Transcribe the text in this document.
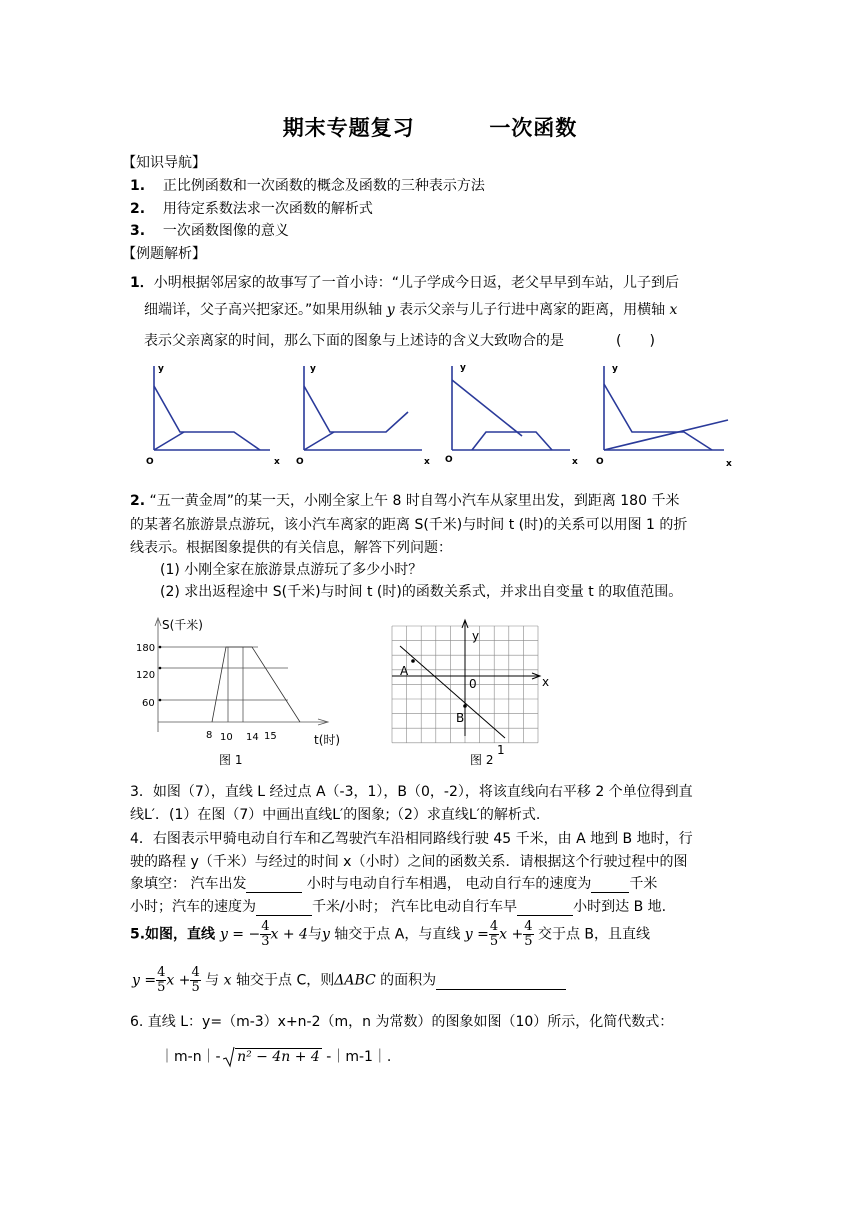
期末专题复习	一次函数
【知识导航】
1. 正比例函数和一次函数的概念及函数的三种表示方法
2. 用待定系数法求一次函数的解析式
3. 一次函数图像的意义
【例题解析】
1．小明根据邻居家的故事写了一首小诗：“儿子学成今日返，老父早早到车站，儿子到后
细端详，父子高兴把家还。”如果用纵轴 y 表示父亲与儿子行进中离家的距离，用横轴 x
表示父亲离家的时间，那么下面的图象与上述诗的含义大致吻合的是	(　　)
y
O	x
y
O	x
y
O	x
y
O	x
2. “五一黄金周”的某一天，小刚全家上午 8 时自驾小汽车从家里出发，到距离 180 千米
的某著名旅游景点游玩，该小汽车离家的距离 S(千米)与时间 t (时)的关系可以用图 1 的折
线表示。根据图象提供的有关信息，解答下列问题：
(1) 小刚全家在旅游景点游玩了多少小时？
(2) 求出返程途中 S(千米)与时间 t (时)的函数关系式，并求出自变量 t 的取值范围。
S(千米)
180
120
60
8 10 14 15	t(时)
图 1
y
x
0
A
B
图 2
1
3．如图（7），直线 L 经过点 A（-3，1），B（0，-2），将该直线向右平移 2 个单位得到直
线L′．(1）在图（7）中画出直线L′的图象;（2）求直线L′的解析式.
4．右图表示甲骑电动自行车和乙驾驶汽车沿相同路线行驶 45 千米，由 A 地到 B 地时，行
驶的路程 y（千米）与经过的时间 x（小时）之间的函数关系．请根据这个行驶过程中的图
象填空： 汽车出发	小时与电动自行车相遇， 电动自行车的速度为	千米
小时；汽车的速度为	千米/小时； 汽车比电动自行车早	小时到达 B 地.
5.如图，直线 y = − $\frac{4}{3}$ x + 4与y 轴交于点 A，与直线 $y = \frac{4}{5}$ $x + \frac{4}{5}$ 交于点 B，且直线
$y = \frac{4}{5}$ $x + \frac{4}{5}$ 与 x 轴交于点 C，则ΔABC 的面积为
6. 直线 L：y=（m-3）x+n-2（m，n 为常数）的图象如图（10）所示，化简代数式：
｜m-n｜- n² − 4n + 4 -｜m-1｜.
